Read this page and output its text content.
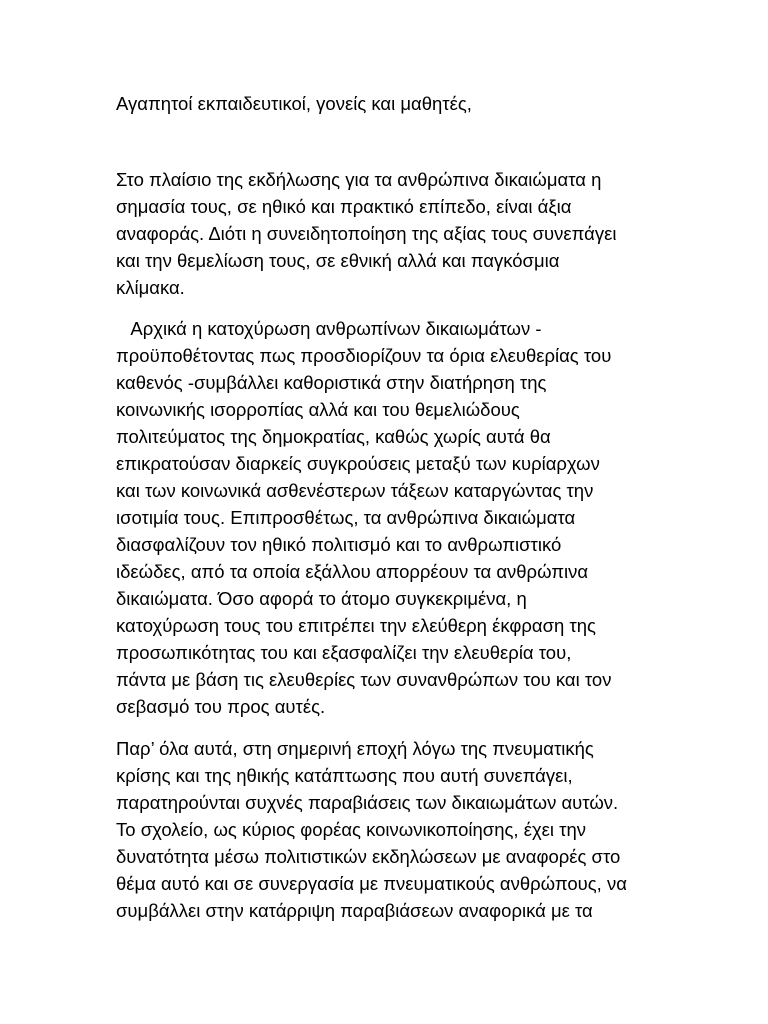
Αγαπητοί εκπαιδευτικοί, γονείς και μαθητές,

Στο πλαίσιο της εκδήλωσης για τα ανθρώπινα δικαιώματα η

σημασία τους, σε ηθικό και πρακτικό επίπεδο, είναι άξια

αναφοράς. Διότι η συνειδητοποίηση της αξίας τους συνεπάγει

και την θεμελίωση τους, σε εθνική αλλά και παγκόσμια

κλίμακα.

Αρχικά η κατοχύρωση ανθρωπίνων δικαιωμάτων -

προϋποθέτοντας πως προσδιορίζουν τα όρια ελευθερίας του

καθενός -συμβάλλει καθοριστικά στην διατήρηση της

κοινωνικής ισορροπίας αλλά και του θεμελιώδους

πολιτεύματος της δημοκρατίας, καθώς χωρίς αυτά θα

επικρατούσαν διαρκείς συγκρούσεις μεταξύ των κυρίαρχων

και των κοινωνικά ασθενέστερων τάξεων καταργώντας την

ισοτιμία τους. Επιπροσθέτως, τα ανθρώπινα δικαιώματα

διασφαλίζουν τον ηθικό πολιτισμό και το ανθρωπιστικό

ιδεώδες, από τα οποία εξάλλου απορρέουν τα ανθρώπινα

δικαιώματα. Όσο αφορά το άτομο συγκεκριμένα, η

κατοχύρωση τους του επιτρέπει την ελεύθερη έκφραση της

προσωπικότητας του και εξασφαλίζει την ελευθερία του,

πάντα με βάση τις ελευθερίες των συνανθρώπων του και τον

σεβασμό του προς αυτές.

Παρ’ όλα αυτά, στη σημερινή εποχή λόγω της πνευματικής

κρίσης και της ηθικής κατάπτωσης που αυτή συνεπάγει,

παρατηρούνται συχνές παραβιάσεις των δικαιωμάτων αυτών.

Το σχολείο, ως κύριος φορέας κοινωνικοποίησης, έχει την

δυνατότητα μέσω πολιτιστικών εκδηλώσεων με αναφορές στο

θέμα αυτό και σε συνεργασία με πνευματικούς ανθρώπους, να

συμβάλλει στην κατάρριψη παραβιάσεων αναφορικά με τα
